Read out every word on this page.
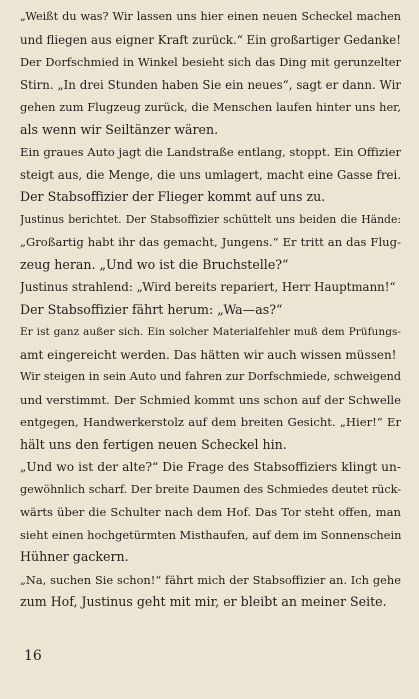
„Weißt du was? Wir lassen uns hier einen neuen Scheckel machen
und fliegen aus eigner Kraft zurück.“ Ein großartiger Gedanke!
Der Dorfschmied in Winkel besieht sich das Ding mit gerunzelter
Stirn. „In drei Stunden haben Sie ein neues“, sagt er dann. Wir
gehen zum Flugzeug zurück, die Menschen laufen hinter uns her,
als wenn wir Seiltänzer wären.
Ein graues Auto jagt die Landstraße entlang, stoppt. Ein Offizier
steigt aus, die Menge, die uns umlagert, macht eine Gasse frei.
Der Stabsoffizier der Flieger kommt auf uns zu.
Justinus berichtet. Der Stabsoffizier schüttelt uns beiden die Hände:
„Großartig habt ihr das gemacht, Jungens.“ Er tritt an das Flug-
zeug heran. „Und wo ist die Bruchstelle?“
Justinus strahlend: „Wird bereits repariert, Herr Hauptmann!“
Der Stabsoffizier fährt herum: „Wa—as?“
Er ist ganz außer sich. Ein solcher Materialfehler muß dem Prüfungs-
amt eingereicht werden. Das hätten wir auch wissen müssen!
Wir steigen in sein Auto und fahren zur Dorfschmiede, schweigend
und verstimmt. Der Schmied kommt uns schon auf der Schwelle
entgegen, Handwerkerstolz auf dem breiten Gesicht. „Hier!“ Er
hält uns den fertigen neuen Scheckel hin.
„Und wo ist der alte?“ Die Frage des Stabsoffiziers klingt un-
gewöhnlich scharf. Der breite Daumen des Schmiedes deutet rück-
wärts über die Schulter nach dem Hof. Das Tor steht offen, man
sieht einen hochgetürmten Misthaufen, auf dem im Sonnenschein
Hühner gackern.
„Na, suchen Sie schon!“ fährt mich der Stabsoffizier an. Ich gehe
zum Hof, Justinus geht mit mir, er bleibt an meiner Seite.
16
